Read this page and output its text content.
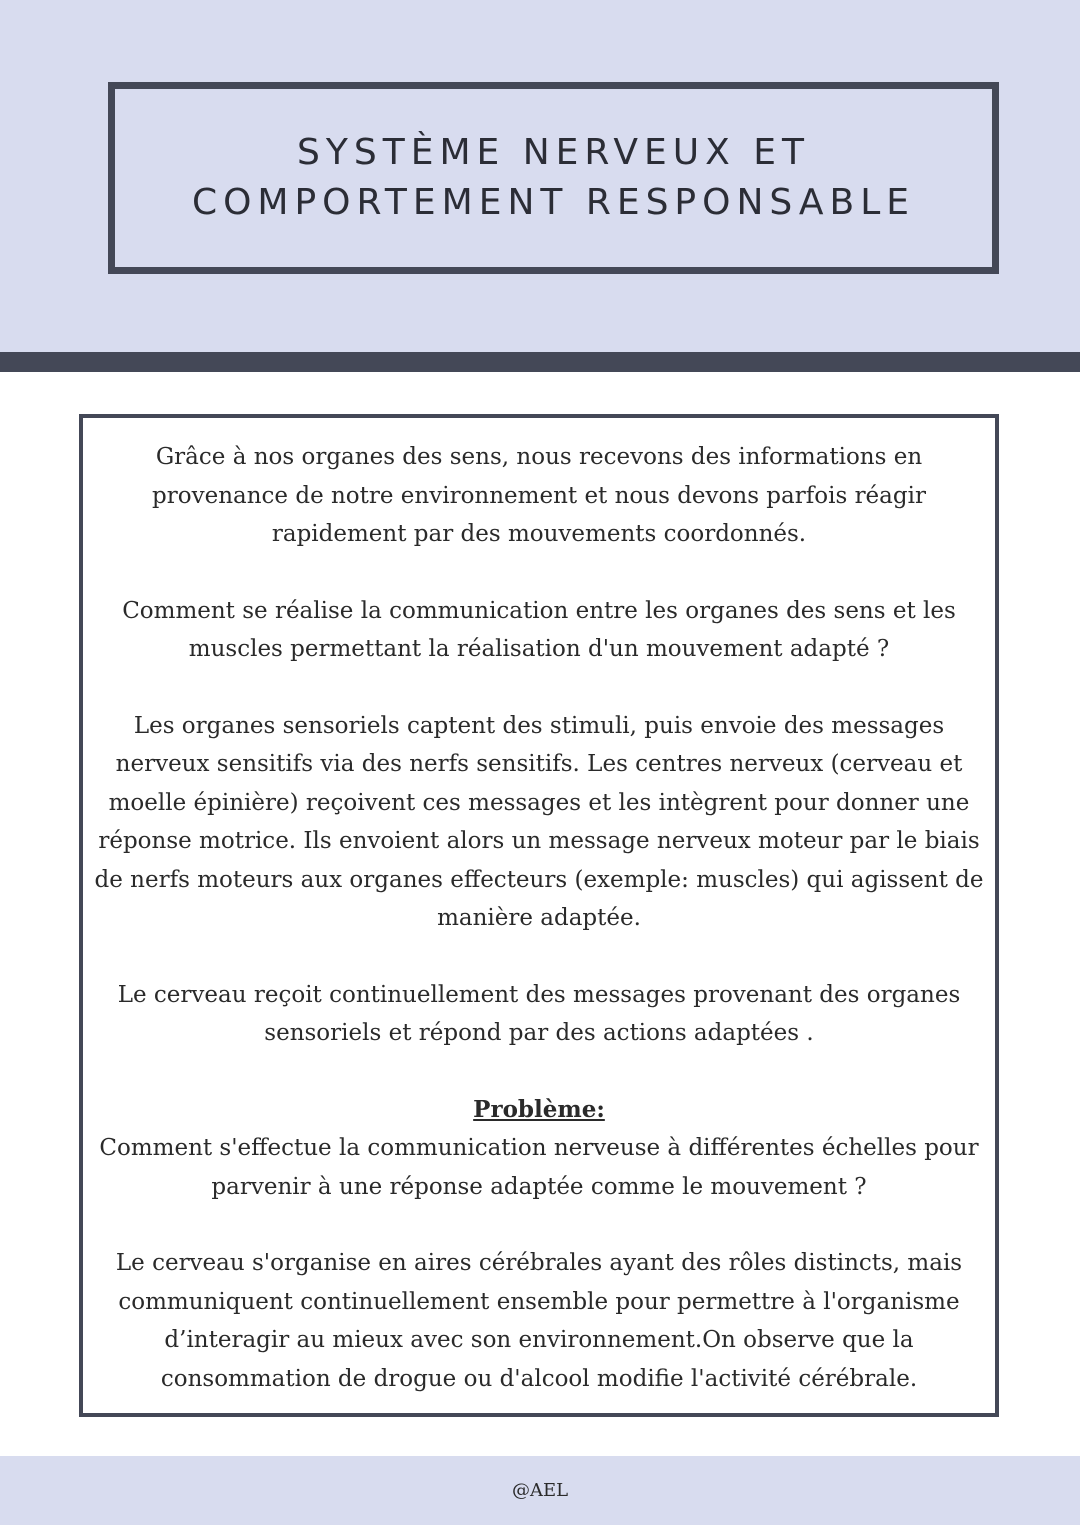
SYSTÈME NERVEUX ET
COMPORTEMENT RESPONSABLE

Grâce à nos organes des sens, nous recevons des informations en provenance de notre environnement et nous devons parfois réagir rapidement par des mouvements coordonnés.

Comment se réalise la communication entre les organes des sens et les muscles permettant la réalisation d'un mouvement adapté ?

Les organes sensoriels captent des stimuli, puis envoie des messages nerveux sensitifs via des nerfs sensitifs. Les centres nerveux (cerveau et moelle épinière) reçoivent ces messages et les intègrent pour donner une réponse motrice. Ils envoient alors un message nerveux moteur par le biais de nerfs moteurs aux organes effecteurs (exemple: muscles) qui agissent de manière adaptée.

Le cerveau reçoit continuellement des messages provenant des organes sensoriels et répond par des actions adaptées .

Problème:
Comment s'effectue la communication nerveuse à différentes échelles pour parvenir à une réponse adaptée comme le mouvement ?

Le cerveau s'organise en aires cérébrales ayant des rôles distincts, mais communiquent continuellement ensemble pour permettre à l'organisme d’interagir au mieux avec son environnement.On observe que la consommation de drogue ou d'alcool modifie l'activité cérébrale.

@AEL
